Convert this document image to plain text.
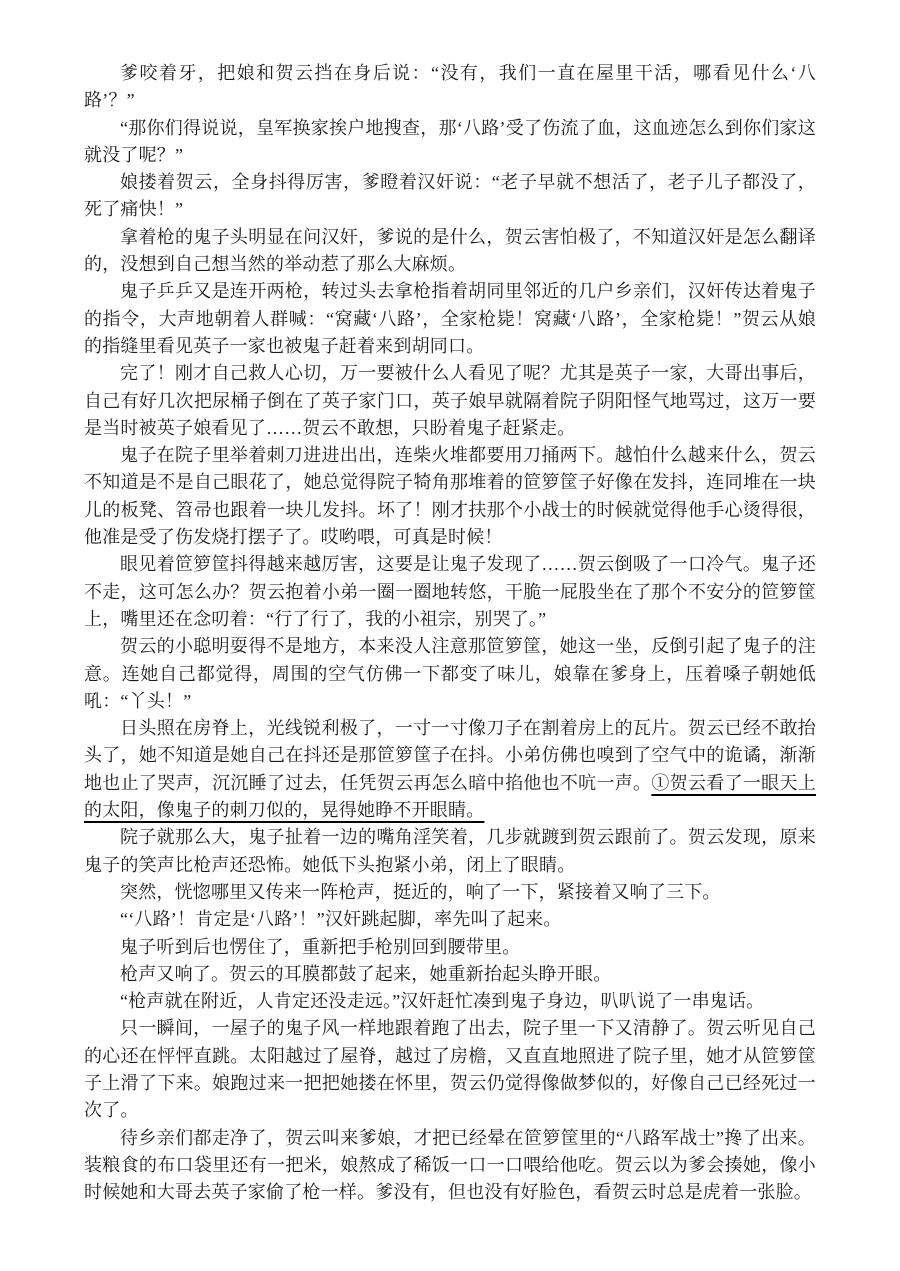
爹咬着牙，把娘和贺云挡在身后说：“没有，我们一直在屋里干活，哪看见什么‘八路’？”

“那你们得说说，皇军换家挨户地搜查，那‘八路’受了伤流了血，这血迹怎么到你们家这就没了呢？”

娘搂着贺云，全身抖得厉害，爹瞪着汉奸说：“老子早就不想活了，老子儿子都没了，死了痛快！”

拿着枪的鬼子头明显在问汉奸，爹说的是什么，贺云害怕极了，不知道汉奸是怎么翻译的，没想到自己想当然的举动惹了那么大麻烦。

鬼子乒乒又是连开两枪，转过头去拿枪指着胡同里邻近的几户乡亲们，汉奸传达着鬼子的指令，大声地朝着人群喊：“窝藏‘八路’，全家枪毙！窝藏‘八路’，全家枪毙！”贺云从娘的指缝里看见英子一家也被鬼子赶着来到胡同口。

完了！刚才自己救人心切，万一要被什么人看见了呢？尤其是英子一家，大哥出事后，自己有好几次把尿桶子倒在了英子家门口，英子娘早就隔着院子阴阳怪气地骂过，这万一要是当时被英子娘看见了……贺云不敢想，只盼着鬼子赶紧走。

鬼子在院子里举着刺刀进进出出，连柴火堆都要用刀捅两下。越怕什么越来什么，贺云不知道是不是自己眼花了，她总觉得院子犄角那堆着的笸箩筐子好像在发抖，连同堆在一块儿的板凳、笤帚也跟着一块儿发抖。坏了！刚才扶那个小战士的时候就觉得他手心烫得很，他准是受了伤发烧打摆子了。哎哟喂，可真是时候！

眼见着笸箩筐抖得越来越厉害，这要是让鬼子发现了……贺云倒吸了一口冷气。鬼子还不走，这可怎么办？贺云抱着小弟一圈一圈地转悠，干脆一屁股坐在了那个不安分的笸箩筐上，嘴里还在念叨着：“行了行了，我的小祖宗，别哭了。”

贺云的小聪明耍得不是地方，本来没人注意那笸箩筐，她这一坐，反倒引起了鬼子的注意。连她自己都觉得，周围的空气仿佛一下都变了味儿，娘靠在爹身上，压着嗓子朝她低吼：“丫头！”

日头照在房脊上，光线锐利极了，一寸一寸像刀子在割着房上的瓦片。贺云已经不敢抬头了，她不知道是她自己在抖还是那笸箩筐子在抖。小弟仿佛也嗅到了空气中的诡谲，渐渐地也止了哭声，沉沉睡了过去，任凭贺云再怎么暗中掐他也不吭一声。①贺云看了一眼天上的太阳，像鬼子的刺刀似的，晃得她睁不开眼睛。

院子就那么大，鬼子扯着一边的嘴角淫笑着，几步就踱到贺云跟前了。贺云发现，原来鬼子的笑声比枪声还恐怖。她低下头抱紧小弟，闭上了眼睛。

突然，恍惚哪里又传来一阵枪声，挺近的，响了一下，紧接着又响了三下。

“‘八路’！肯定是‘八路’！”汉奸跳起脚，率先叫了起来。

鬼子听到后也愣住了，重新把手枪别回到腰带里。

枪声又响了。贺云的耳膜都鼓了起来，她重新抬起头睁开眼。

“枪声就在附近，人肯定还没走远。”汉奸赶忙凑到鬼子身边，叭叭说了一串鬼话。

只一瞬间，一屋子的鬼子风一样地跟着跑了出去，院子里一下又清静了。贺云听见自己的心还在怦怦直跳。太阳越过了屋脊，越过了房檐，又直直地照进了院子里，她才从笸箩筐子上滑了下来。娘跑过来一把把她搂在怀里，贺云仍觉得像做梦似的，好像自己已经死过一次了。

待乡亲们都走净了，贺云叫来爹娘，才把已经晕在笸箩筐里的“八路军战士”搀了出来。装粮食的布口袋里还有一把米，娘熬成了稀饭一口一口喂给他吃。贺云以为爹会揍她，像小时候她和大哥去英子家偷了枪一样。爹没有，但也没有好脸色，看贺云时总是虎着一张脸。
